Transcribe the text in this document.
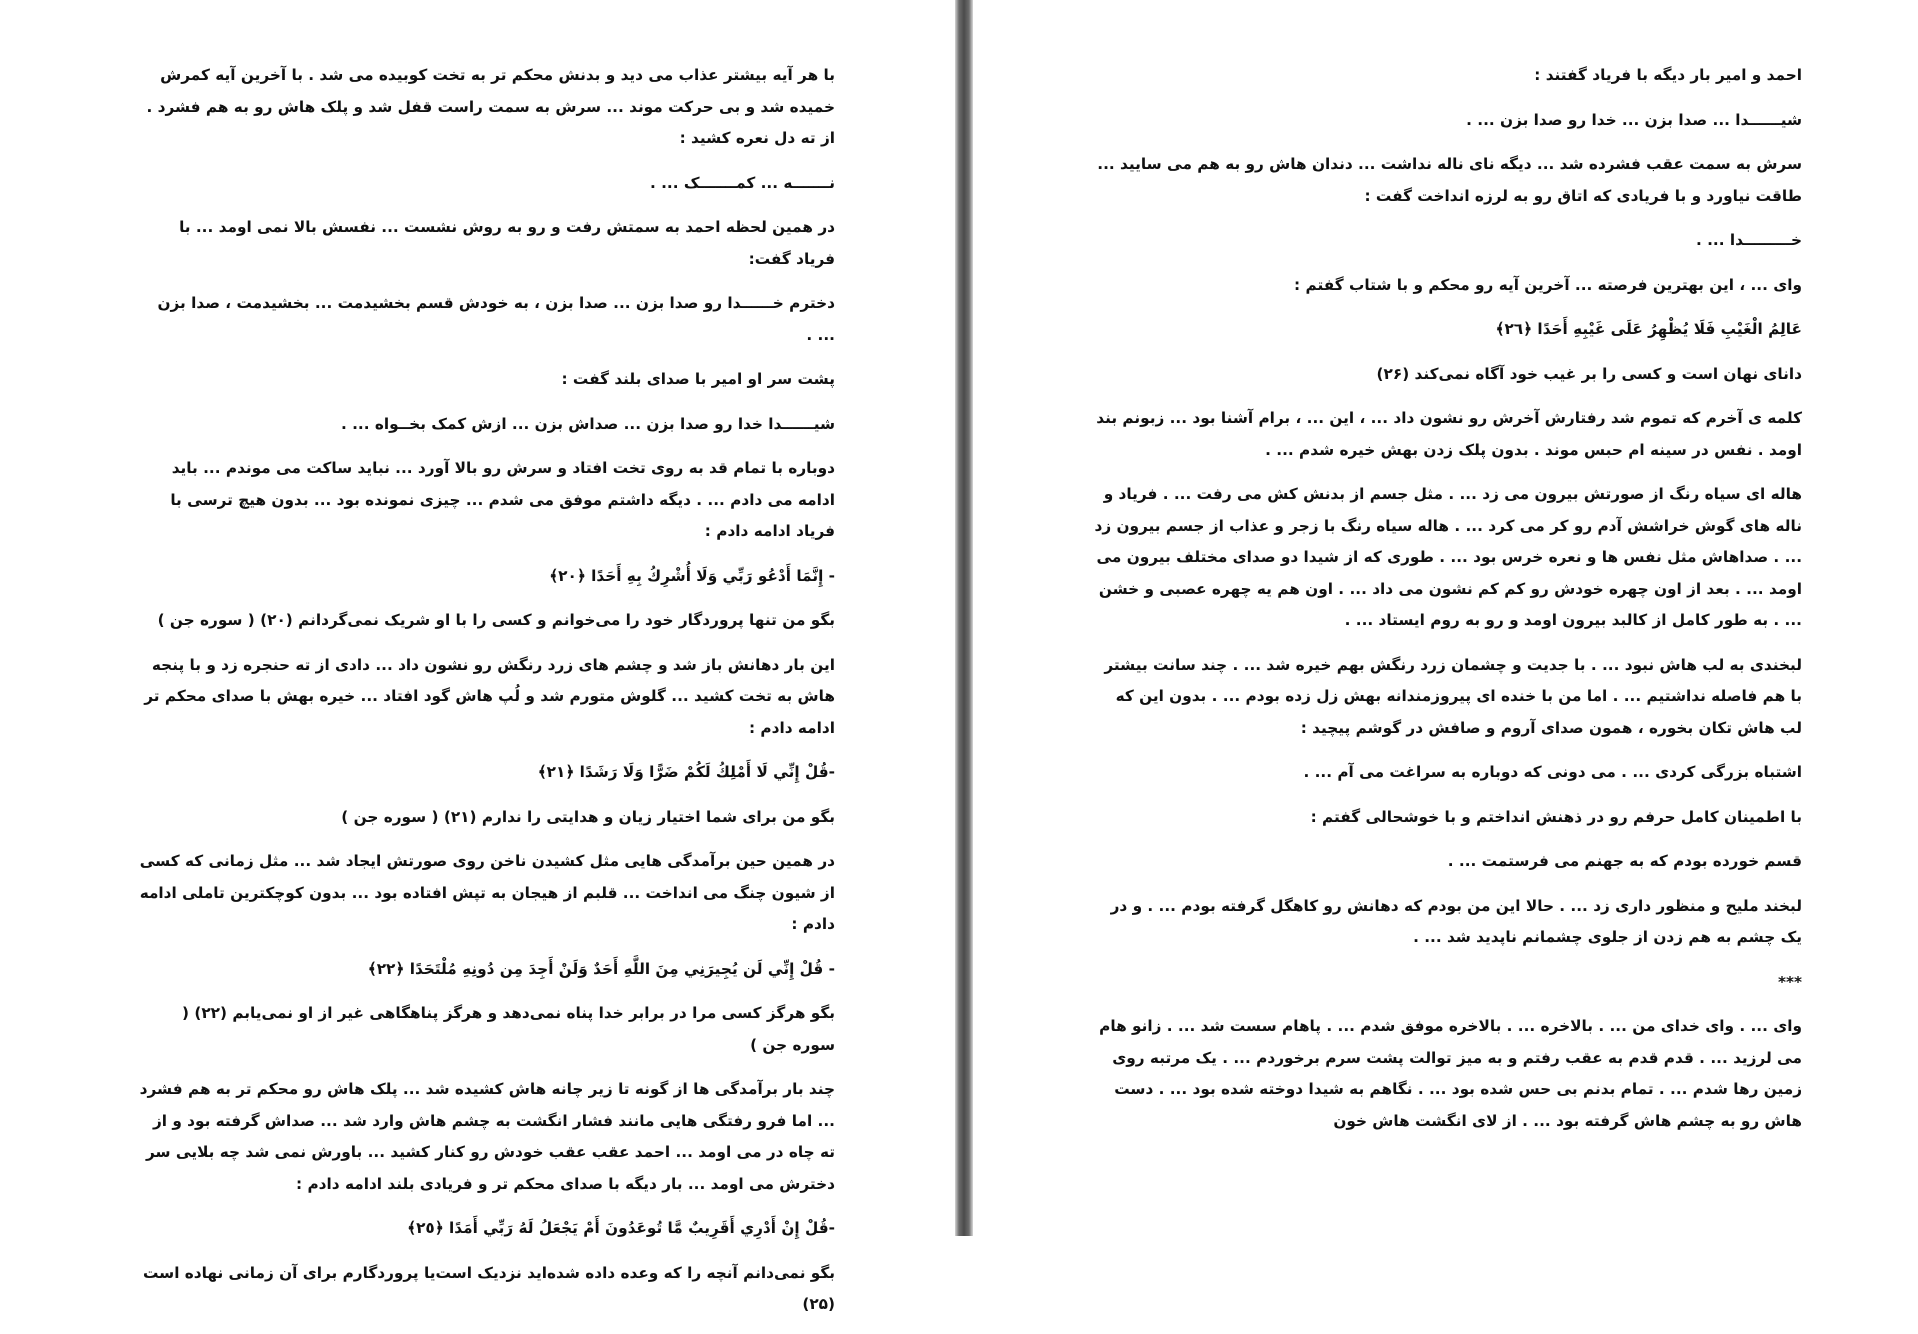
با هر آیه بیشتر عذاب می دید و بدنش محکم تر به تخت کوبیده می شد . با آخرین آیه کمرش خمیده شد و بی حرکت موند ... سرش به سمت راست قفل شد و پلک هاش رو به هم فشرد . از ته دل نعره کشید :

نـــــــه ... کمـــــــک ... .

در همین لحظه احمد به سمتش رفت و رو به روش نشست ... نفسش بالا نمی اومد ... با فریاد گفت:

دخترم خــــــدا رو صدا بزن ... صدا بزن ، به خودش قسم بخشیدمت ... بخشیدمت ، صدا بزن ... .

پشت سر او امیر با صدای بلند گفت :

شیــــــدا خدا رو صدا بزن ... صداش بزن ... ازش کمک بخــواه ... .

دوباره با تمام قد به روی تخت افتاد و سرش رو بالا آورد ... نباید ساکت می موندم ... باید ادامه می دادم ... . دیگه داشتم موفق می شدم ... چیزی نمونده بود ... بدون هیچ ترسی با فریاد ادامه دادم :

- إِنَّمَا أَدْعُو رَبِّي وَلَا أُشْرِكُ بِهِ أَحَدًا ﴿٢٠﴾

بگو من تنها پروردگار خود را می‌خوانم و کسی را با او شریک نمی‌گردانم (۲۰) ( سوره جن )

این بار دهانش باز شد و چشم های زرد رنگش رو نشون داد ... دادی از ته حنجره زد و با پنجه هاش به تخت کشید ... گلوش متورم شد و لُپ هاش گود افتاد ... خیره بهش با صدای محکم تر ادامه دادم :

-قُلْ إِنِّي لَا أَمْلِكُ لَكُمْ ضَرًّا وَلَا رَشَدًا ﴿٢١﴾

بگو من برای شما اختیار زیان و هدایتی را ندارم (۲۱) ( سوره جن )

در همین حین برآمدگی هایی مثل کشیدن ناخن روی صورتش ایجاد شد ... مثل زمانی که کسی از شیون چنگ می انداخت ... قلبم از هیجان به تپش افتاده بود ... بدون کوچکترین تاملی ادامه دادم :

- قُلْ إِنِّي لَن يُجِيرَنِي مِنَ اللَّهِ أَحَدٌ وَلَنْ أَجِدَ مِن دُونِهِ مُلْتَحَدًا ﴿٢٢﴾

بگو هرگز کسی مرا در برابر خدا پناه نمی‌دهد و هرگز پناهگاهی غیر از او نمی‌یابم (۲۲) ( سوره جن )

چند بار برآمدگی ها از گونه تا زیر چانه هاش کشیده شد ... پلک هاش رو محکم تر به هم فشرد ... اما فرو رفتگی هایی مانند فشار انگشت به چشم هاش وارد شد ... صداش گرفته بود و از ته چاه در می اومد ... احمد عقب عقب خودش رو کنار کشید ... باورش نمی شد چه بلایی سر دخترش می اومد ... بار دیگه با صدای محکم تر و فریادی بلند ادامه دادم :

-قُلْ إِنْ أَدْرِي أَقَرِيبٌ مَّا تُوعَدُونَ أَمْ يَجْعَلُ لَهُ رَبِّي أَمَدًا ﴿٢٥﴾

بگو نمی‌دانم آنچه را که وعده داده شده‌اید نزدیک است‌یا پروردگارم برای آن زمانی نهاده است (۲۵)

احمد و امیر بار دیگه با فریاد گفتند :

شیــــــدا ... صدا بزن ... خدا رو صدا بزن ... .

سرش به سمت عقب فشرده شد ... دیگه نای ناله نداشت ... دندان هاش رو به هم می سایید ... طاقت نیاورد و با فریادی که اتاق رو به لرزه انداخت گفت :

خـــــــــدا ... .

وای ... ، این بهترین فرصته ... آخرین آیه رو محکم و با شتاب گفتم :

عَالِمُ الْغَيْبِ فَلَا يُظْهِرُ عَلَى غَيْبِهِ أَحَدًا ﴿٢٦﴾

دانای نهان است و کسی را بر غیب خود آگاه نمی‌کند (۲۶)

کلمه ی آخرم که تموم شد رفتارش آخرش رو نشون داد ... ، این ... ، برام آشنا بود ... زبونم بند اومد . نفس در سینه ام حبس موند . بدون پلک زدن بهش خیره شدم ... .

هاله ای سیاه رنگ از صورتش بیرون می زد ... . مثل جسم از بدنش کش می رفت ... . فریاد و ناله های گوش خراشش آدم رو کر می کرد ... . هاله سیاه رنگ با زجر و عذاب از جسم بیرون زد ... . صداهاش مثل نفس ها و نعره خرس بود ... . طوری که از شیدا دو صدای مختلف بیرون می اومد ... . بعد از اون چهره خودش رو کم کم نشون می داد ... . اون هم یه چهره عصبی و خشن ... . به طور کامل از کالبد بیرون اومد و رو به روم ایستاد ... .

لبخندی به لب هاش نبود ... . با جدیت و چشمان زرد رنگش بهم خیره شد ... . چند سانت بیشتر با هم فاصله نداشتیم ... . اما من با خنده ای پیروزمندانه بهش زل زده بودم ... . بدون این که لب هاش تکان بخوره ، همون صدای آروم و صافش در گوشم پیچید :

اشتباه بزرگی کردی ... . می دونی که دوباره به سراغت می آم ... .

با اطمینان کامل حرفم رو در ذهنش انداختم و با خوشحالی گفتم :

قسم خورده بودم که به جهنم می فرستمت ... .

لبخند مليح و منظور داری زد ... . حالا این من بودم که دهانش رو کاهگل گرفته بودم ... . و در یک چشم به هم زدن از جلوی چشمانم ناپدید شد ... .

***

وای ... . وای خدای من ... . بالاخره ... . بالاخره موفق شدم ... . پاهام سست شد ... . زانو هام می لرزید ... . قدم قدم به عقب رفتم و به میز توالت پشت سرم برخوردم ... . یک مرتبه روی زمین رها شدم ... . تمام بدنم بی حس شده بود ... . نگاهم به شیدا دوخته شده بود ... . دست هاش رو به چشم هاش گرفته بود ... . از لای انگشت هاش خون
